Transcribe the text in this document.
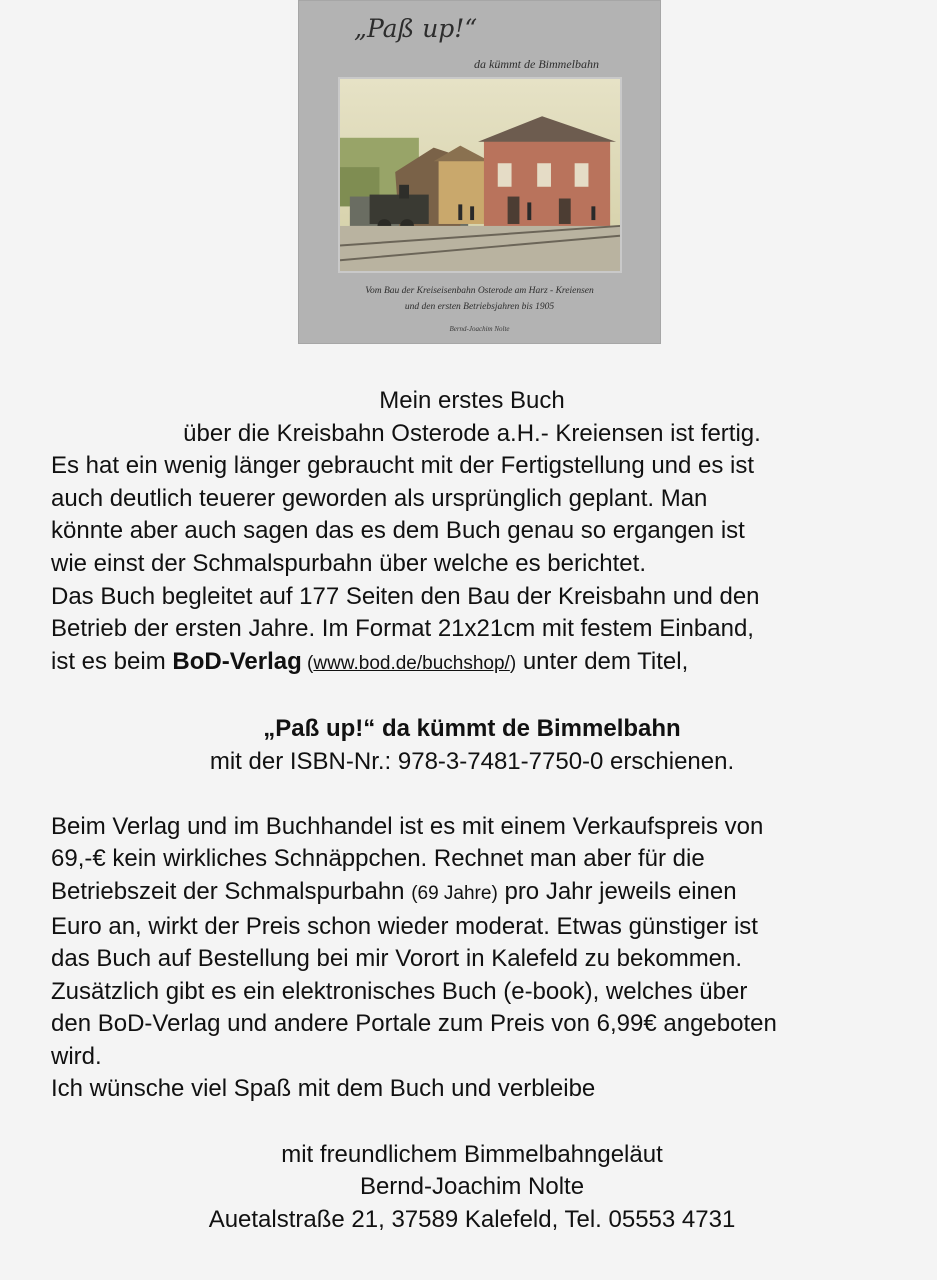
„Paß up!“
da kümmt de Bimmelbahn
Vom Bau der Kreiseisenbahn Osterode am Harz - Kreiensen
und den ersten Betriebsjahren bis 1905
Bernd-Joachim Nolte
Mein erstes Buch
über die Kreisbahn Osterode a.H.- Kreiensen ist fertig.
Es hat ein wenig länger gebraucht mit der Fertigstellung und es ist
auch deutlich teuerer geworden als ursprünglich geplant. Man
könnte aber auch sagen das es dem Buch genau so ergangen ist
wie einst der Schmalspurbahn über welche es berichtet.
Das Buch begleitet auf 177 Seiten den Bau der Kreisbahn und den
Betrieb der ersten Jahre. Im Format 21x21cm mit festem Einband,
ist es beim BoD-Verlag (www.bod.de/buchshop/) unter dem Titel,
„Paß up!“ da kümmt de Bimmelbahn
mit der ISBN-Nr.: 978-3-7481-7750-0 erschienen.
Beim Verlag und im Buchhandel ist es mit einem Verkaufspreis von
69,-€ kein wirkliches Schnäppchen. Rechnet man aber für die
Betriebszeit der Schmalspurbahn (69 Jahre) pro Jahr jeweils einen
Euro an, wirkt der Preis schon wieder moderat. Etwas günstiger ist
das Buch auf Bestellung bei mir Vorort in Kalefeld zu bekommen.
Zusätzlich gibt es ein elektronisches Buch (e-book), welches über
den BoD-Verlag und andere Portale zum Preis von 6,99€ angeboten
wird.
Ich wünsche viel Spaß mit dem Buch und verbleibe
mit freundlichem Bimmelbahngeläut
Bernd-Joachim Nolte
Auetalstraße 21, 37589 Kalefeld, Tel. 05553 4731
